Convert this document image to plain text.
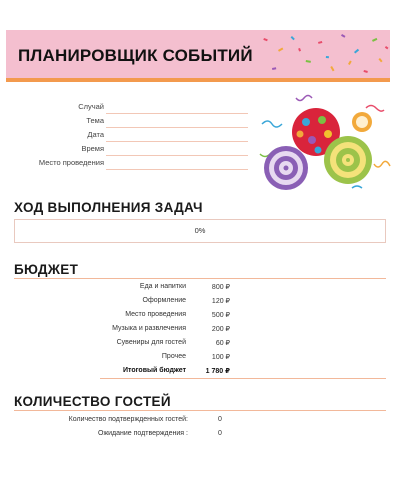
ПЛАНИРОВЩИК СОБЫТИЙ
Случай
Тема
Дата
Время
Место проведения
ХОД ВЫПОЛНЕНИЯ ЗАДАЧ
0%
БЮДЖЕТ
Еда и напитки	800 ₽
Оформление	120 ₽
Место проведения	500 ₽
Музыка и развлечения	200 ₽
Сувениры для гостей	60 ₽
Прочее	100 ₽
Итоговый бюджет	1 780 ₽
КОЛИЧЕСТВО ГОСТЕЙ
Количество подтвержденных гостей:	0
Ожидание подтверждения :	0
